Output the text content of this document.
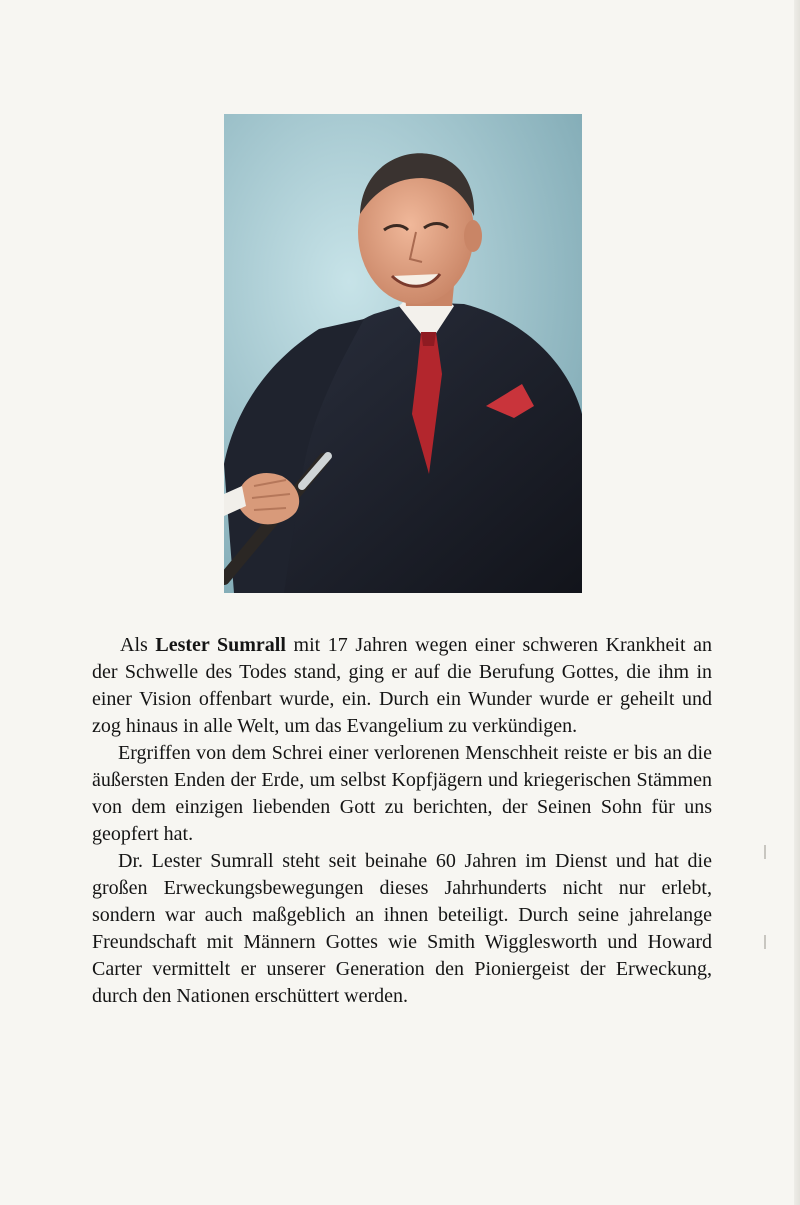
Als Lester Sumrall mit 17 Jahren wegen einer schweren Krankheit an der Schwelle des Todes stand, ging er auf die Berufung Gottes, die ihm in einer Vision offenbart wurde, ein. Durch ein Wunder wurde er geheilt und zog hinaus in alle Welt, um das Evangelium zu verkündigen.

Ergriffen von dem Schrei einer verlorenen Menschheit reiste er bis an die äußersten Enden der Erde, um selbst Kopfjägern und kriegerischen Stämmen von dem einzigen liebenden Gott zu berichten, der Seinen Sohn für uns geopfert hat.

Dr. Lester Sumrall steht seit beinahe 60 Jahren im Dienst und hat die großen Erweckungsbewegungen dieses Jahrhunderts nicht nur erlebt, sondern war auch maßgeblich an ihnen beteiligt. Durch seine jahrelange Freundschaft mit Männern Gottes wie Smith Wigglesworth und Howard Carter vermittelt er unserer Generation den Pioniergeist der Erweckung, durch den Nationen erschüttert werden.
